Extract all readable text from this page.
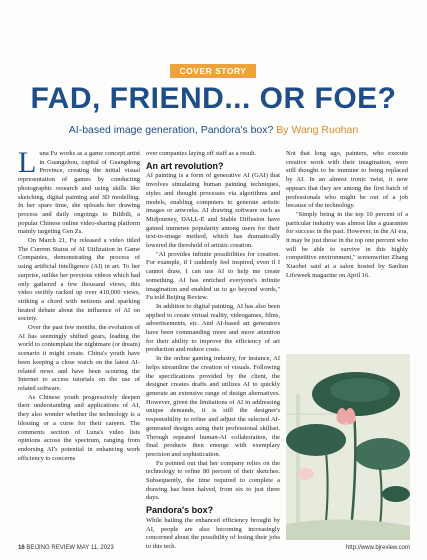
COVER STORY
FAD, FRIEND... OR FOE?
AI-based image generation, Pandora's box? By Wang Ruohan

Luna Fu works as a game concept artist in Guangzhou, capital of Guangdong Province, creating the initial visual representation of games by conducting photographic research and using skills like sketching, digital painting and 3D modelling. In her spare time, she uploads her drawing process and daily ongoings to Bilibili, a popular Chinese online video-sharing platform mainly targeting Gen Zs.

On March 21, Fu released a video titled The Current Status of AI Utilization in Game Companies, demonstrating the process of using artificial intelligence (AI) in art. To her surprise, unlike her previous videos which had only gathered a few thousand views, this video swiftly racked up over 410,000 views, striking a chord with netizens and sparking heated debate about the influence of AI on society.

Over the past few months, the evolution of AI has seemingly shifted gears, leading the world to contemplate the nightmare (or dream) scenario it might create. China's youth have been keeping a close watch on the latest AI-related news and have been scouring the Internet to access tutorials on the use of related software.

As Chinese youth progressively deepen their understanding and applications of AI, they also wonder whether the technology is a blessing or a curse for their careers. The comments section of Luna's video lists opinions across the spectrum, ranging from endorsing AI's potential in enhancing work efficiency to concerns

over companies laying off staff as a result.

An art revolution?

AI painting is a form of generative AI (GAI) that involves simulating human painting techniques, styles and thought processes via algorithms and models, enabling computers to generate artistic images or artworks. AI drawing software such as Midjourney, DALL-E and Stable Diffusion have gained immense popularity among users for their text-to-image method, which has dramatically lowered the threshold of artistic creation.

"AI provides infinite possibilities for creation. For example, if I suddenly feel inspired, even if I cannot draw, I can use AI to help me create something. AI has enriched everyone's infinite imagination and enabled us to go beyond words," Fu told Beijing Review.

In addition to digital painting, AI has also been applied to create virtual reality, videogames, films, advertisements, etc. And AI-based art generators have been commanding more and more attention for their ability to improve the efficiency of art production and reduce costs.

In the online gaming industry, for instance, AI helps streamline the creation of visuals. Following the specifications provided by the client, the designer creates drafts and utilizes AI to quickly generate an extensive range of design alternatives. However, given the limitations of AI in addressing unique demands, it is still the designer's responsibility to refine and adjust the selected AI-generated designs using their professional skillset. Through repeated human-AI collaboration, the final products then emerge with exemplary precision and sophistication.

Fu pointed out that her company relies on the technology to refine 80 percent of their sketches. Subsequently, the time required to complete a drawing has been halved, from six to just three days.

Pandora's box?

While hailing the enhanced efficiency brought by AI, people are also becoming increasingly concerned about the possibility of losing their jobs to this tech.

Not that long ago, painters, who execute creative work with their imagination, were still thought to be immune to being replaced by AI. In an almost ironic twist, it now appears that they are among the first batch of professionals who might be out of a job because of the technology.

"Simply being in the top 10 percent of a particular industry was almost like a guarantee for success in the past. However, in the AI era, it may be just those in the top one percent who will be able to survive in this highly competitive environment," screenwriter Zhang Xiaobei said at a salon hosted by Sanlian Lifeweek magazine on April 16.

16 BEIJING REVIEW MAY 11, 2023	http://www.bjreview.com
